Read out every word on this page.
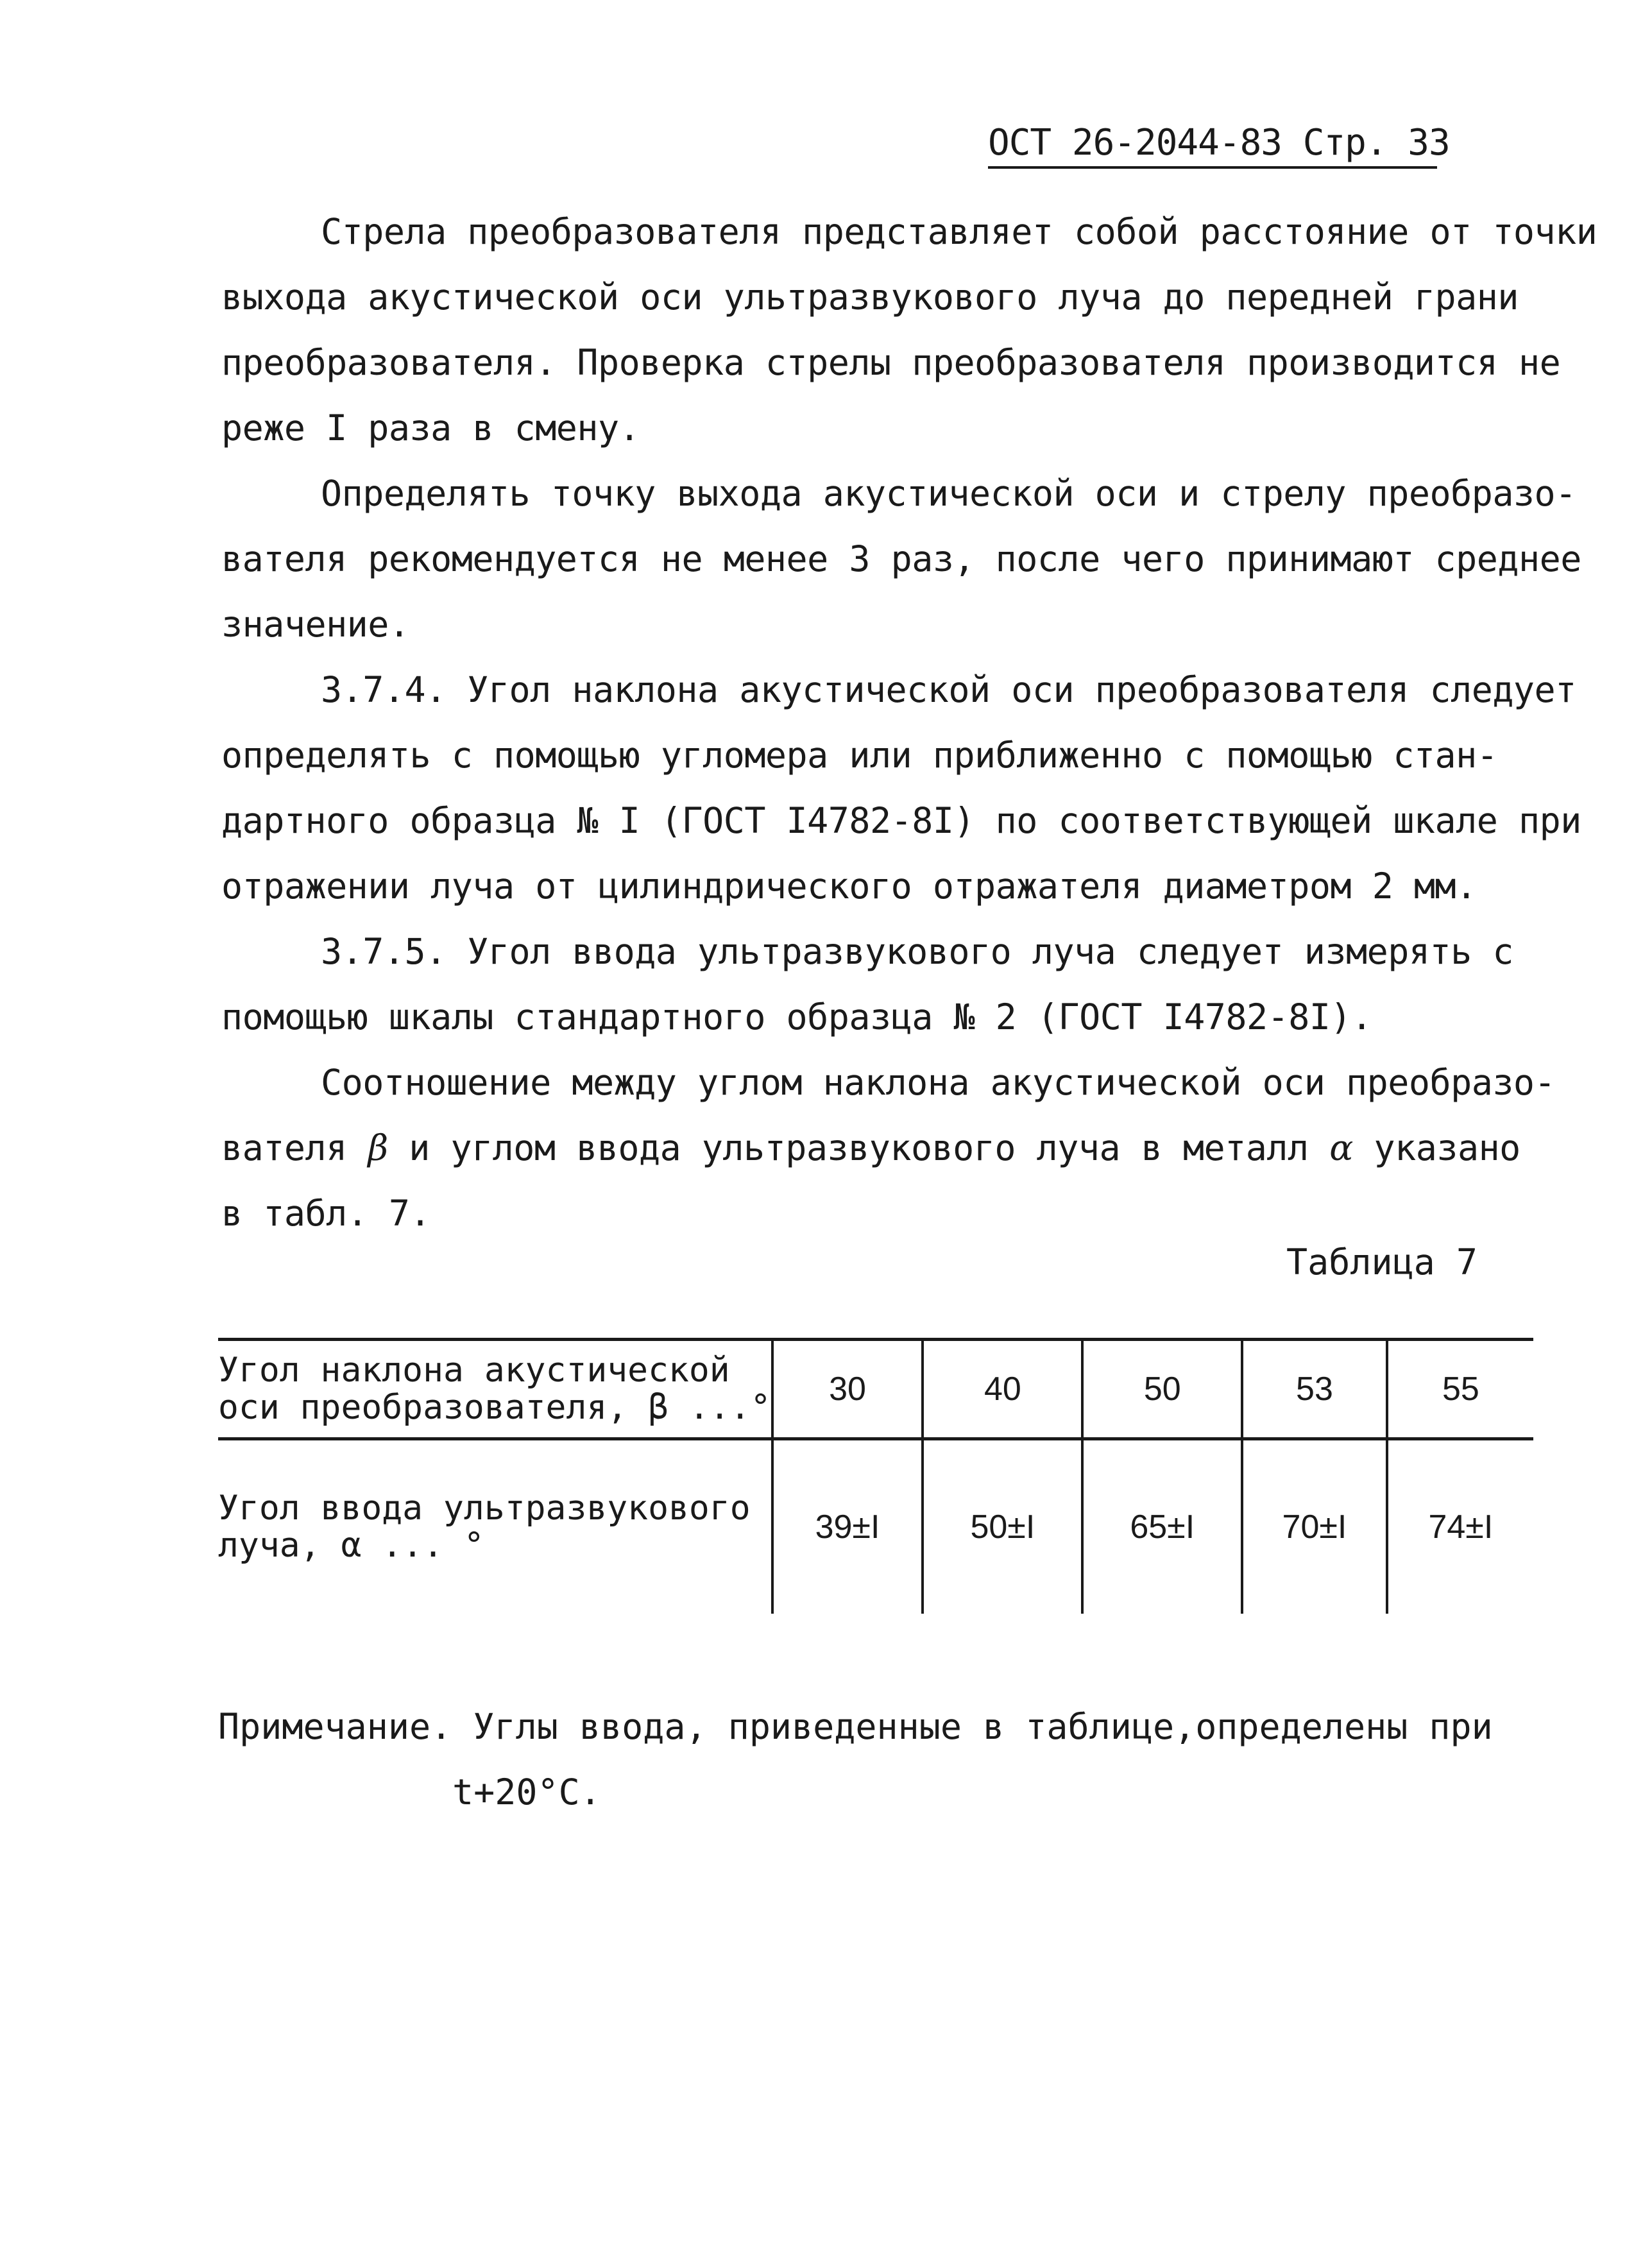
ОСТ 26-2044-83 Стр. 33
Стрела преобразователя представляет собой расстояние от точки
выхода акустической оси ультразвукового луча до передней грани
преобразователя. Проверка стрелы преобразователя производится не
реже I раза в смену.
Определять точку выхода акустической оси и стрелу преобразо-
вателя рекомендуется не менее 3 раз, после чего принимают среднее
значение.
3.7.4. Угол наклона акустической оси преобразователя следует
определять с помощью угломера или приближенно с помощью стан-
дартного образца № I (ГОСТ I4782-8I) по соответствующей шкале при
отражении луча от цилиндрического отражателя диаметром 2 мм.
3.7.5. Угол ввода ультразвукового луча следует измерять с
помощью шкалы стандартного образца № 2 (ГОСТ I4782-8I).
Соотношение между углом наклона акустической оси преобразо-
вателя β и углом ввода ультразвукового луча в металл α указано
в табл. 7.
Таблица 7
Угол наклона акустической
оси преобразователя, β ...°	30	40	50	53	55

Угол ввода ультразвукового
луча, α ... °	39±I	50±I	65±I	70±I	74±I
Примечание. Углы ввода, приведенные в таблице,определены при
t+20°C.
